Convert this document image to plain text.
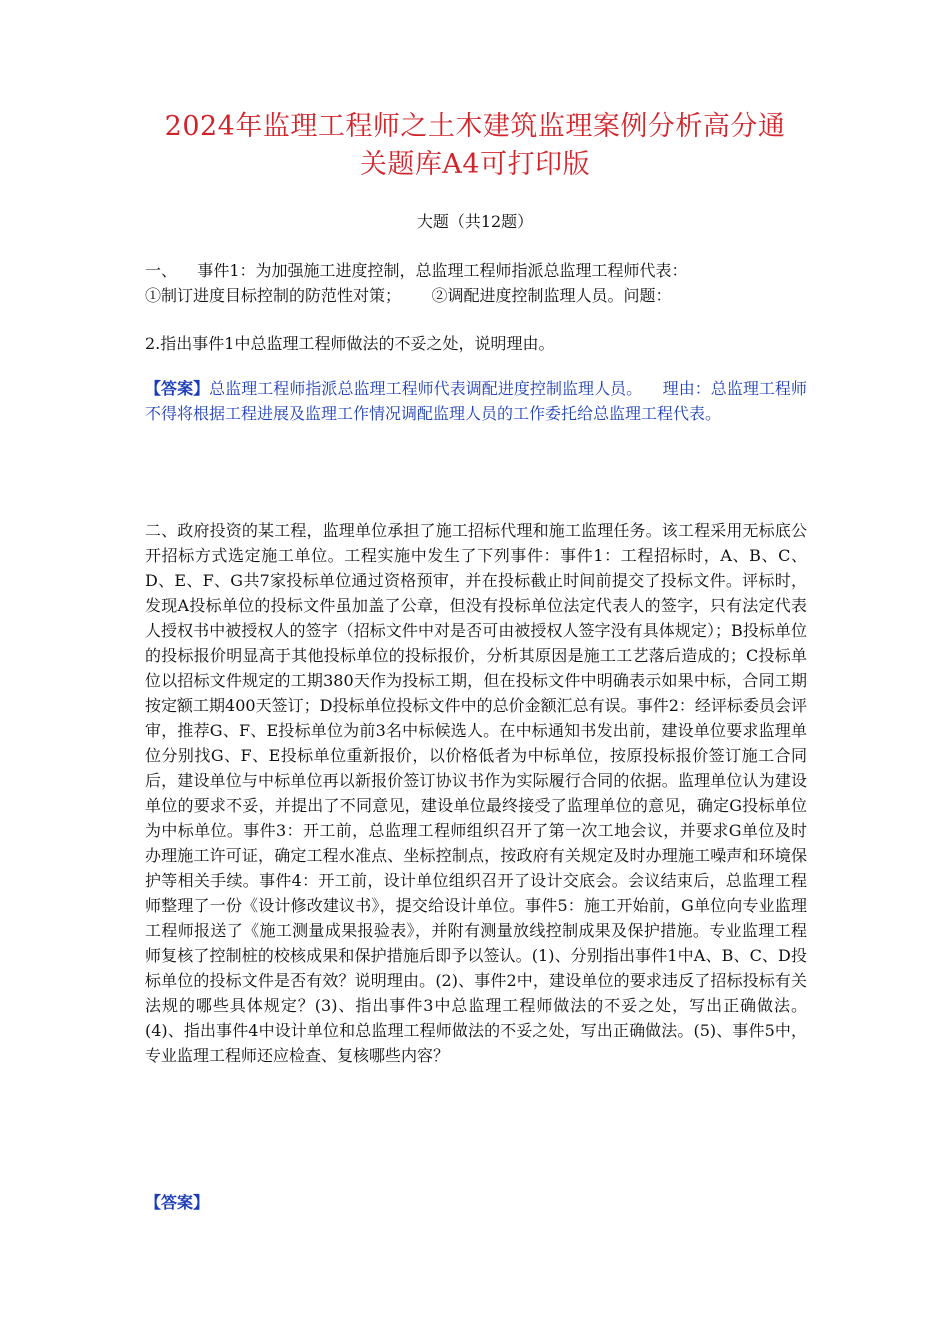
2024年监理工程师之土木建筑监理案例分析高分通
关题库A4可打印版
大题（共12题）
一、    事件1：为加强施工进度控制，总监理工程师指派总监理工程师代表：
①制订进度目标控制的防范性对策；      ②调配进度控制监理人员。问题：
2.指出事件1中总监理工程师做法的不妥之处，说明理由。
【答案】总监理工程师指派总监理工程师代表调配进度控制监理人员。    理由：总监理工程师不得将根据工程进展及监理工作情况调配监理人员的工作委托给总监理工程代表。
二、政府投资的某工程，监理单位承担了施工招标代理和施工监理任务。该工程采用无标底公开招标方式选定施工单位。工程实施中发生了下列事件：事件1：工程招标时，A、B、C、D、E、F、G共7家投标单位通过资格预审，并在投标截止时间前提交了投标文件。评标时，发现A投标单位的投标文件虽加盖了公章，但没有投标单位法定代表人的签字，只有法定代表人授权书中被授权人的签字（招标文件中对是否可由被授权人签字没有具体规定）；B投标单位的投标报价明显高于其他投标单位的投标报价，分析其原因是施工工艺落后造成的；C投标单位以招标文件规定的工期380天作为投标工期，但在投标文件中明确表示如果中标，合同工期按定额工期400天签订；D投标单位投标文件中的总价金额汇总有误。事件2：经评标委员会评审，推荐G、F、E投标单位为前3名中标候选人。在中标通知书发出前，建设单位要求监理单位分别找G、F、E投标单位重新报价，以价格低者为中标单位，按原投标报价签订施工合同后，建设单位与中标单位再以新报价签订协议书作为实际履行合同的依据。监理单位认为建设单位的要求不妥，并提出了不同意见，建设单位最终接受了监理单位的意见，确定G投标单位为中标单位。事件3：开工前，总监理工程师组织召开了第一次工地会议，并要求G单位及时办理施工许可证，确定工程水准点、坐标控制点，按政府有关规定及时办理施工噪声和环境保护等相关手续。事件4：开工前，设计单位组织召开了设计交底会。会议结束后，总监理工程师整理了一份《设计修改建议书》，提交给设计单位。事件5：施工开始前，G单位向专业监理工程师报送了《施工测量成果报验表》，并附有测量放线控制成果及保护措施。专业监理工程师复核了控制桩的校核成果和保护措施后即予以签认。(1)、分别指出事件1中A、B、C、D投标单位的投标文件是否有效？说明理由。(2)、事件2中，建设单位的要求违反了招标投标有关法规的哪些具体规定？(3)、指出事件3中总监理工程师做法的不妥之处，写出正确做法。(4)、指出事件4中设计单位和总监理工程师做法的不妥之处，写出正确做法。(5)、事件5中，专业监理工程师还应检查、复核哪些内容？
【答案】
